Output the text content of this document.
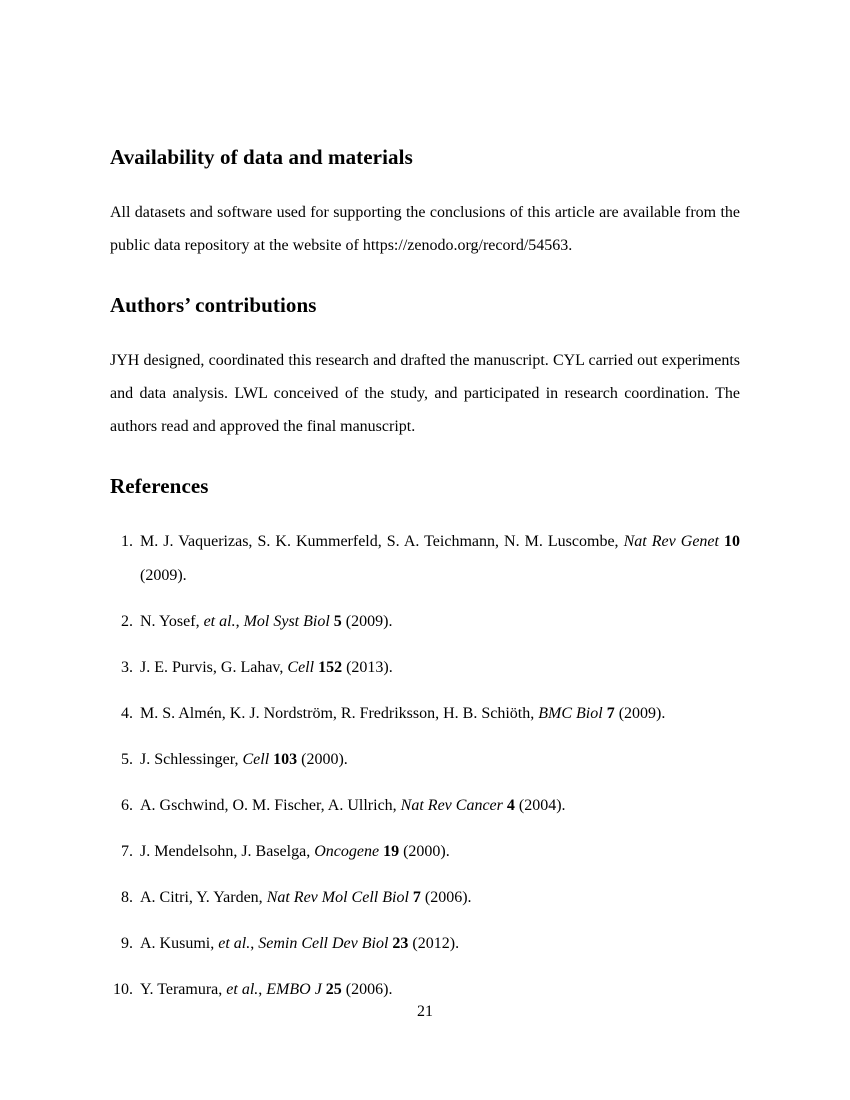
Availability of data and materials

All datasets and software used for supporting the conclusions of this article are available from the public data repository at the website of https://zenodo.org/record/54563.

Authors’ contributions

JYH designed, coordinated this research and drafted the manuscript. CYL carried out experiments and data analysis. LWL conceived of the study, and participated in research coordination. The authors read and approved the final manuscript.

References
1. M. J. Vaquerizas, S. K. Kummerfeld, S. A. Teichmann, N. M. Luscombe, Nat Rev Genet 10 (2009).
2. N. Yosef, et al., Mol Syst Biol 5 (2009).
3. J. E. Purvis, G. Lahav, Cell 152 (2013).
4. M. S. Almén, K. J. Nordström, R. Fredriksson, H. B. Schiöth, BMC Biol 7 (2009).
5. J. Schlessinger, Cell 103 (2000).
6. A. Gschwind, O. M. Fischer, A. Ullrich, Nat Rev Cancer 4 (2004).
7. J. Mendelsohn, J. Baselga, Oncogene 19 (2000).
8. A. Citri, Y. Yarden, Nat Rev Mol Cell Biol 7 (2006).
9. A. Kusumi, et al., Semin Cell Dev Biol 23 (2012).
10. Y. Teramura, et al., EMBO J 25 (2006).
21
